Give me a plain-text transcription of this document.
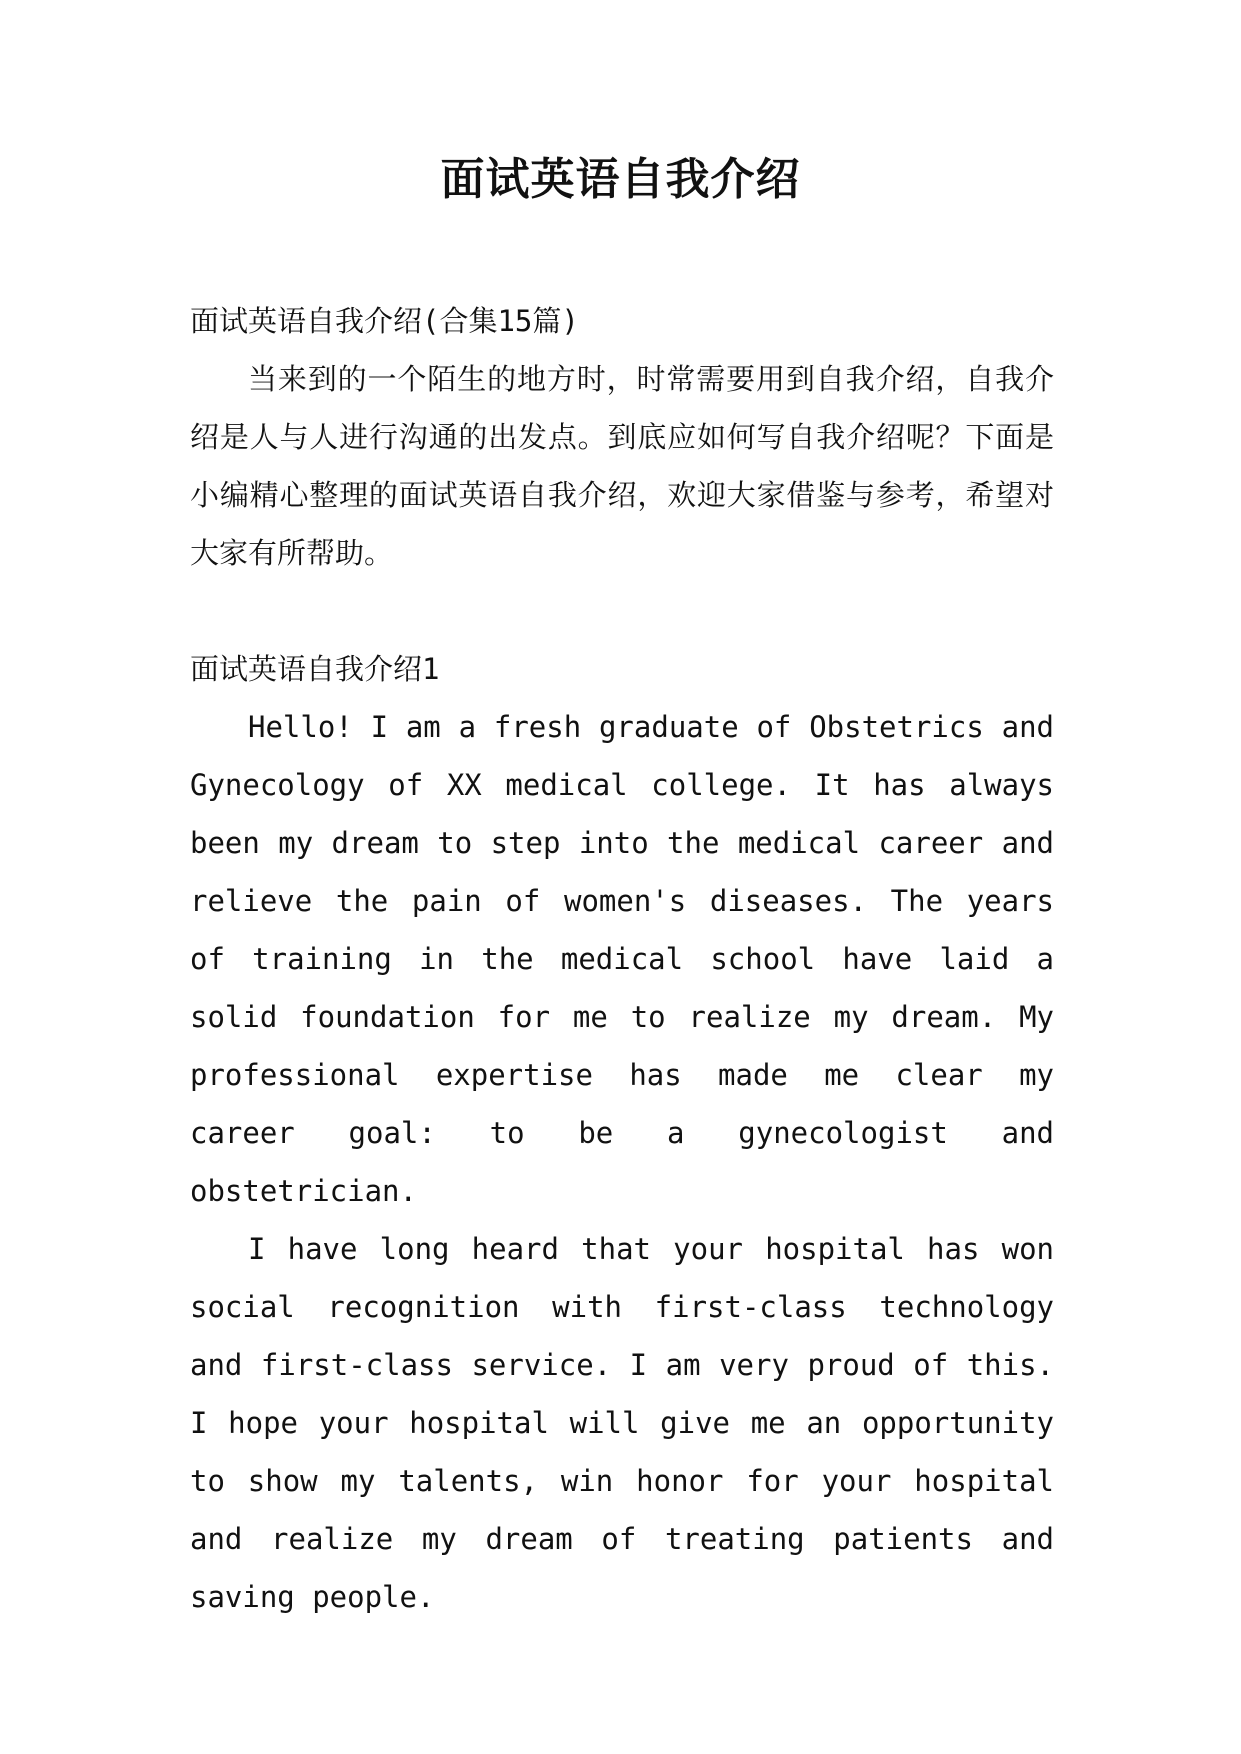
面试英语自我介绍

面试英语自我介绍(合集15篇)

当来到的一个陌生的地方时，时常需要用到自我介绍，自我介绍是人与人进行沟通的出发点。到底应如何写自我介绍呢？下面是小编精心整理的面试英语自我介绍，欢迎大家借鉴与参考，希望对大家有所帮助。

面试英语自我介绍1

Hello! I am a fresh graduate of Obstetrics and Gynecology of XX medical college. It has always been my dream to step into the medical career and relieve the pain of women's diseases. The years of training in the medical school have laid a solid foundation for me to realize my dream. My professional expertise has made me clear my career goal: to be a gynecologist and obstetrician.

I have long heard that your hospital has won social recognition with first-class technology and first-class service. I am very proud of this. I hope your hospital will give me an opportunity to show my talents, win honor for your hospital and realize my dream of treating patients and saving people.
